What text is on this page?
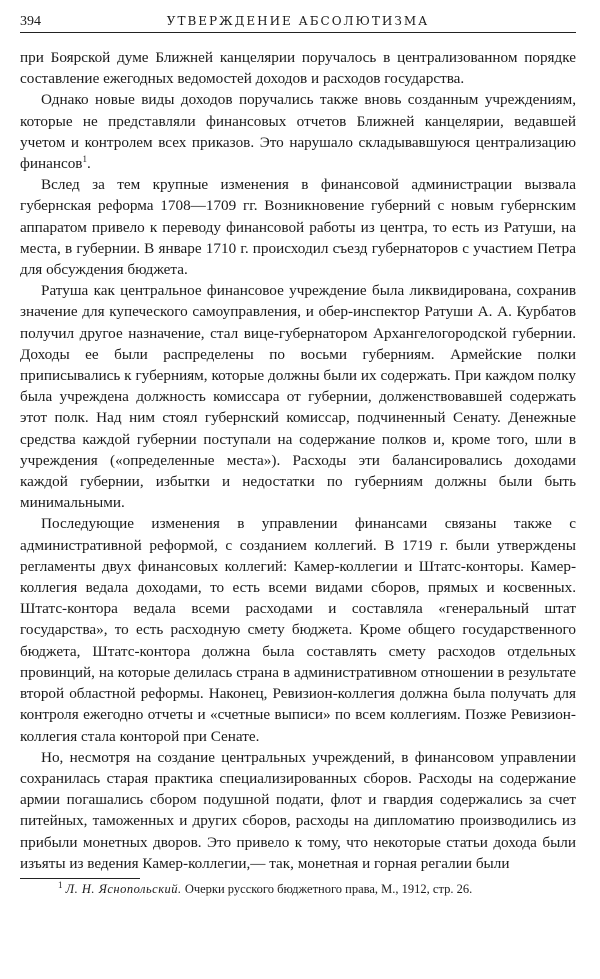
394	УТВЕРЖДЕНИЕ АБСОЛЮТИЗМА

при Боярской думе Ближней канцелярии поручалось в централизованном порядке составление ежегодных ведомостей доходов и расходов государства.

Однако новые виды доходов поручались также вновь созданным учреждениям, которые не представляли финансовых отчетов Ближней канцелярии, ведавшей учетом и контролем всех приказов. Это нарушало складывавшуюся централизацию финансов$^1$.

Вслед за тем крупные изменения в финансовой администрации вызвала губернская реформа 1708—1709 гг. Возникновение губерний с новым губернским аппаратом привело к переводу финансовой работы из центра, то есть из Ратуши, на места, в губернии. В январе 1710 г. происходил съезд губернаторов с участием Петра для обсуждения бюджета.

Ратуша как центральное финансовое учреждение была ликвидирована, сохранив значение для купеческого самоуправления, и обер-инспектор Ратуши А. А. Курбатов получил другое назначение, стал вице-губернатором Архангелогородской губернии. Доходы ее были распределены по восьми губерниям. Армейские полки приписывались к губерниям, которые должны были их содержать. При каждом полку была учреждена должность комиссара от губернии, долженствовавшей содержать этот полк. Над ним стоял губернский комиссар, подчиненный Сенату. Денежные средства каждой губернии поступали на содержание полков и, кроме того, шли в учреждения («определенные места»). Расходы эти балансировались доходами каждой губернии, избытки и недостатки по губерниям должны были быть минимальными.

Последующие изменения в управлении финансами связаны также с административной реформой, с созданием коллегий. В 1719 г. были утверждены регламенты двух финансовых коллегий: Камер-коллегии и Штатс-конторы. Камер-коллегия ведала доходами, то есть всеми видами сборов, прямых и косвенных. Штатс-контора ведала всеми расходами и составляла «генеральный штат государства», то есть расходную смету бюджета. Кроме общего государственного бюджета, Штатс-контора должна была составлять смету расходов отдельных провинций, на которые делилась страна в административном отношении в результате второй областной реформы. Наконец, Ревизион-коллегия должна была получать для контроля ежегодно отчеты и «счетные выписи» по всем коллегиям. Позже Ревизион-коллегия стала конторой при Сенате.

Но, несмотря на создание центральных учреждений, в финансовом управлении сохранилась старая практика специализированных сборов. Расходы на содержание армии погашались сбором подушной подати, флот и гвардия содержались за счет питейных, таможенных и других сборов, расходы на дипломатию производились из прибыли монетных дворов. Это привело к тому, что некоторые статьи дохода были изъяты из ведения Камер-коллегии,— так, монетная и горная регалии были

$^1$ Л. Н. Яснопольский. Очерки русского бюджетного права, М., 1912, стр. 26.
